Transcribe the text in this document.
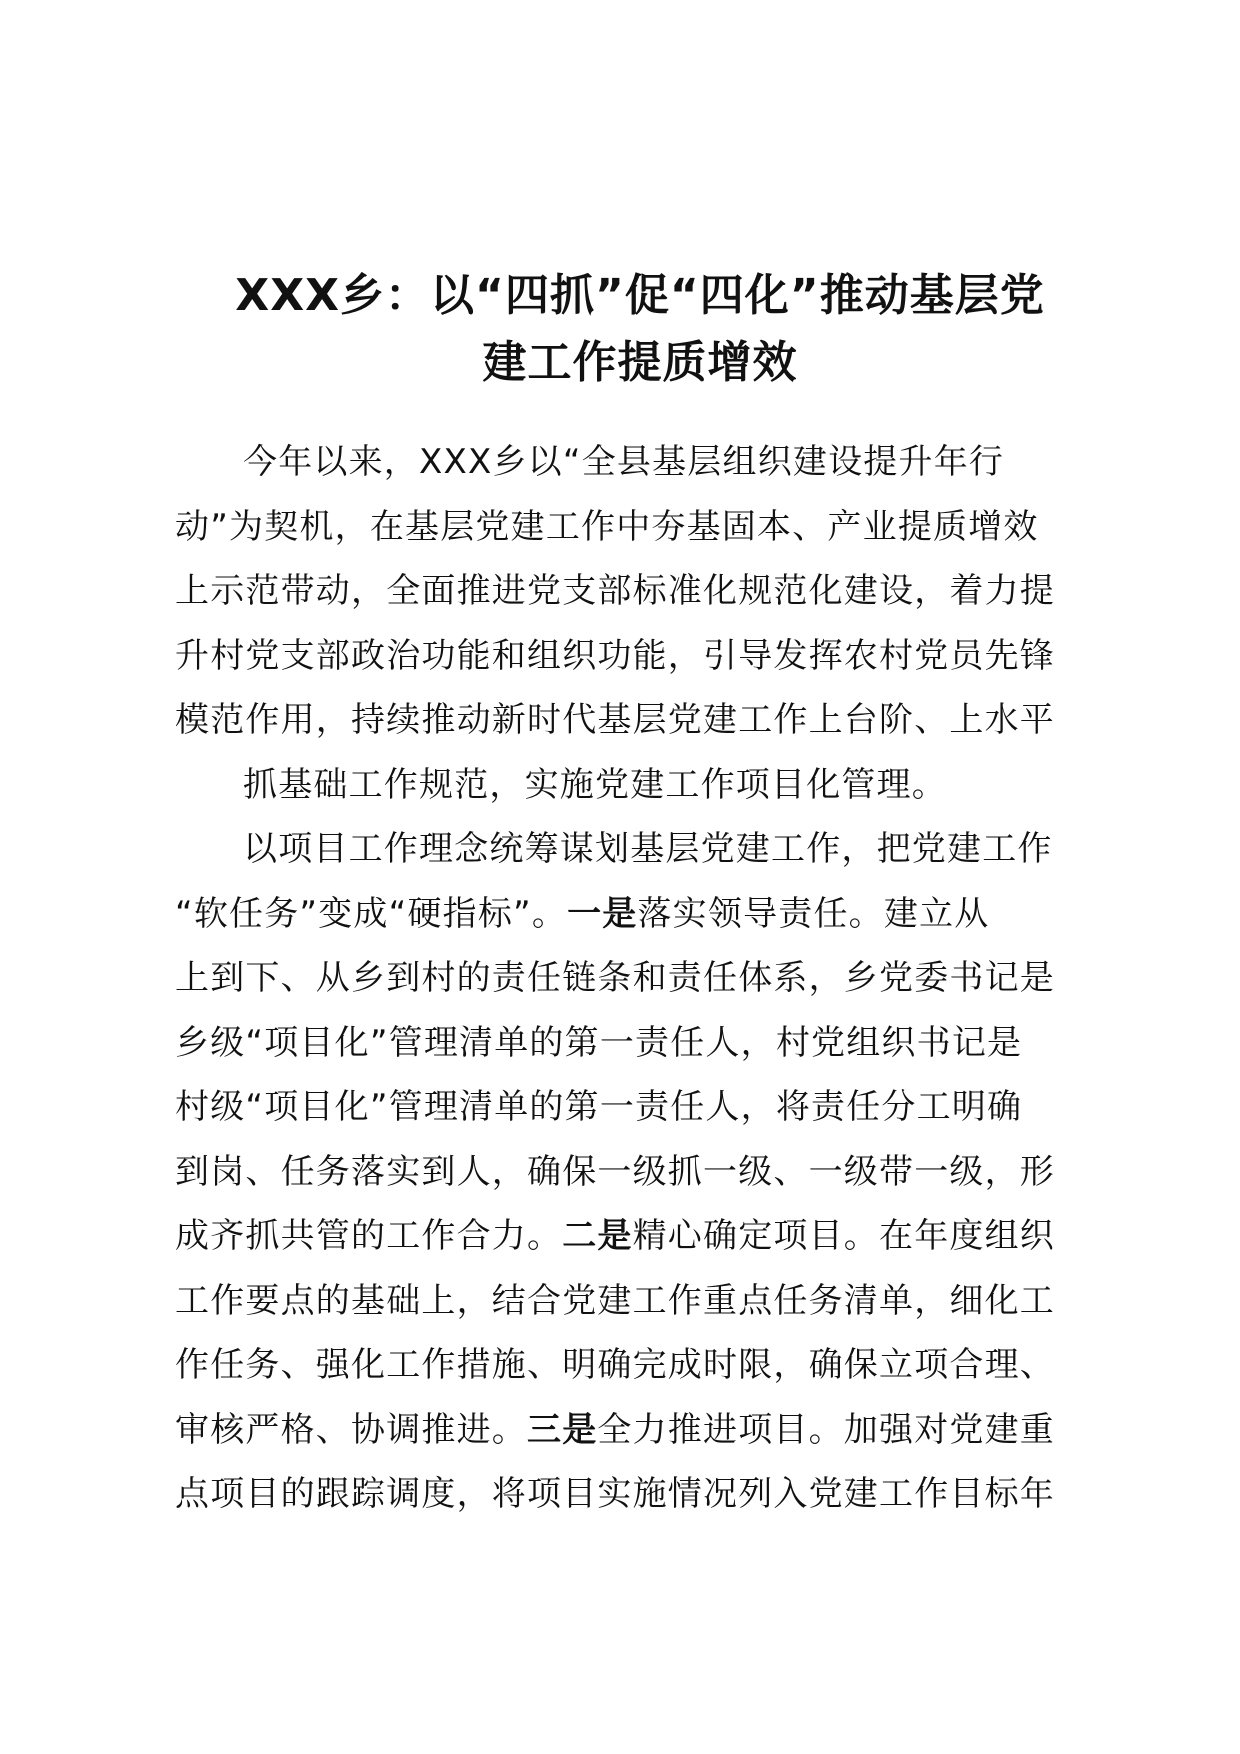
XXX乡：以“四抓”促“四化”推动基层党
建工作提质增效

今年以来，XXX乡以“全县基层组织建设提升年行
动”为契机，在基层党建工作中夯基固本、产业提质增效
上示范带动，全面推进党支部标准化规范化建设，着力提
升村党支部政治功能和组织功能，引导发挥农村党员先锋
模范作用，持续推动新时代基层党建工作上台阶、上水平

抓基础工作规范，实施党建工作项目化管理。

以项目工作理念统筹谋划基层党建工作，把党建工作
“软任务”变成“硬指标”。一是落实领导责任。建立从
上到下、从乡到村的责任链条和责任体系，乡党委书记是
乡级“项目化”管理清单的第一责任人，村党组织书记是
村级“项目化”管理清单的第一责任人，将责任分工明确
到岗、任务落实到人，确保一级抓一级、一级带一级，形
成齐抓共管的工作合力。二是精心确定项目。在年度组织
工作要点的基础上，结合党建工作重点任务清单，细化工
作任务、强化工作措施、明确完成时限，确保立项合理、
审核严格、协调推进。三是全力推进项目。加强对党建重
点项目的跟踪调度，将项目实施情况列入党建工作目标年
